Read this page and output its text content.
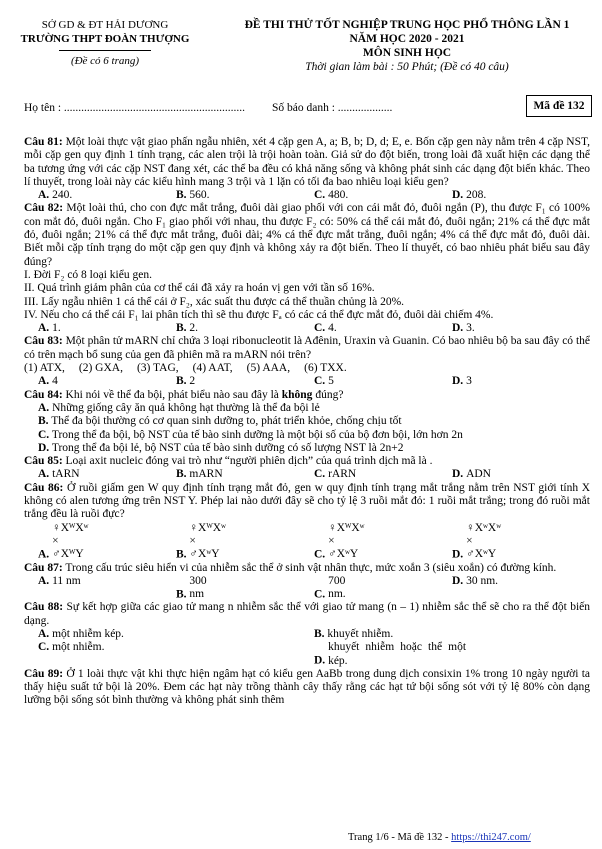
SỞ GD & ĐT HẢI DƯƠNG
TRƯỜNG THPT ĐOÀN THƯỢNG
(Đề có 6 trang)
ĐỀ THI THỬ TỐT NGHIỆP TRUNG HỌC PHỔ THÔNG LẦN 1
NĂM HỌC 2020 - 2021
MÔN SINH HỌC
Thời gian làm bài : 50 Phút; (Đề có 40 câu)
Họ tên : ............................................................... Số báo danh : ...................	Mã đề 132

Câu 81: Một loài thực vật giao phấn ngẫu nhiên, xét 4 cặp gen A, a; B, b; D, d; E, e. Bốn cặp gen này nằm trên 4 cặp NST, mỗi cặp gen quy định 1 tính trạng, các alen trội là trội hoàn toàn. Giả sử do đột biến, trong loài đã xuất hiện các dạng thể ba tương ứng với các cặp NST đang xét, các thể ba đều có khả năng sống và không phát sinh các dạng đột biến khác. Theo lí thuyết, trong loài này các kiểu hình mang 3 trội và 1 lặn có tối đa bao nhiêu loại kiểu gen?

A. 240.	B. 560.	C. 480.	D. 208.

Câu 82: Một loài thú, cho con đực mắt trắng, đuôi dài giao phối với con cái mắt đỏ, đuôi ngắn (P), thu được F₁ có 100% con mắt đỏ, đuôi ngắn. Cho F₁ giao phối với nhau, thu được F₂ có: 50% cá thể cái mắt đỏ, đuôi ngắn; 21% cá thể đực mắt đỏ, đuôi ngắn; 21% cá thể đực mắt trắng, đuôi dài; 4% cá thể đực mắt trắng, đuôi ngắn; 4% cá thể đực mắt đỏ, đuôi dài. Biết mỗi cặp tính trạng do một cặp gen quy định và không xảy ra đột biến. Theo lí thuyết, có bao nhiêu phát biểu sau đây đúng?

I. Đời F₂ có 8 loại kiểu gen.

II. Quá trình giảm phân của cơ thể cái đã xảy ra hoán vị gen với tần số 16%.

III. Lấy ngẫu nhiên 1 cá thể cái ở F₂, xác suất thu được cá thể thuần chủng là 20%.

IV. Nếu cho cá thể cái F₁ lai phân tích thì sẽ thu được Fₐ có các cá thể đực mắt đỏ, đuôi dài chiếm 4%.

A. 1.	B. 2.	C. 4.	D. 3.

Câu 83: Một phân tử mARN chỉ chứa 3 loại ribonucleotit là Ađênin, Uraxin và Guanin. Có bao nhiêu bộ ba sau đây có thể có trên mạch bổ sung của gen đã phiên mã ra mARN nói trên?

(1) ATX, (2) GXA, (3) TAG, (4) AAT, (5) AAA, (6) TXX.
A. 4	B. 2	C. 5	D. 3

Câu 84: Khi nói về thể đa bội, phát biểu nào sau đây là không đúng?

A. Những giống cây ăn quả không hạt thường là thể đa bội lẻ

B. Thể đa bội thường có cơ quan sinh dưỡng to, phát triển khỏe, chống chịu tốt

C. Trong thể đa bội, bộ NST của tế bào sinh dưỡng là một bội số của bộ đơn bội, lớn hơn 2n

D. Trong thể đa bội lẻ, bộ NST của tế bào sinh dưỡng có số lượng NST là 2n+2

Câu 85: Loại axit nucleic đóng vai trò như “người phiên dịch” của quá trình dịch mã là .

A. tARN	B. mARN	C. rARN	D. ADN

Câu 86: Ở ruồi giấm gen W quy định tính trạng mắt đỏ, gen w quy định tính trạng mắt trắng nằm trên NST giới tính X không có alen tương ứng trên NST Y. Phép lai nào dưới đây sẽ cho tỷ lệ 3 ruồi mắt đỏ: 1 ruồi mắt trắng; trong đó ruồi mắt trắng đều là ruồi đực?

A. ♀XᵂXʷ × ♂XᵂY	B. ♀XᵂXʷ × ♂XʷY	C. ♀XᵂXʷ × ♂XʷY	D. ♀XʷXʷ × ♂XʷY

Câu 87: Trong cấu trúc siêu hiển vi của nhiễm sắc thể ở sinh vật nhân thực, mức xoắn 3 (siêu xoắn) có đường kính.

A. 11 nm
B. 300 nm	C. 700 nm.
D. 30 nm.

Câu 88: Sự kết hợp giữa các giao tử mang n nhiễm sắc thể với giao tử mang (n – 1) nhiễm sắc thể sẽ cho ra thể đột biến dạng.

A. một nhiễm kép.	B. khuyết nhiễm.
C. một nhiễm.
D. khuyết nhiễm hoặc thể một kép.

Câu 89: Ở 1 loài thực vật khi thực hiện ngâm hạt có kiểu gen AaBb trong dung dịch consixin 1% trong 10 ngày người ta thấy hiệu suất tứ bội là 20%. Đem các hạt này trồng thành cây thấy rằng các hạt tứ bội sống sót với tỷ lệ 80% còn dạng lưỡng bội sống sót bình thường và không phát sinh thêm

Trang 1/6 - Mã đề 132 - https://thi247.com/
